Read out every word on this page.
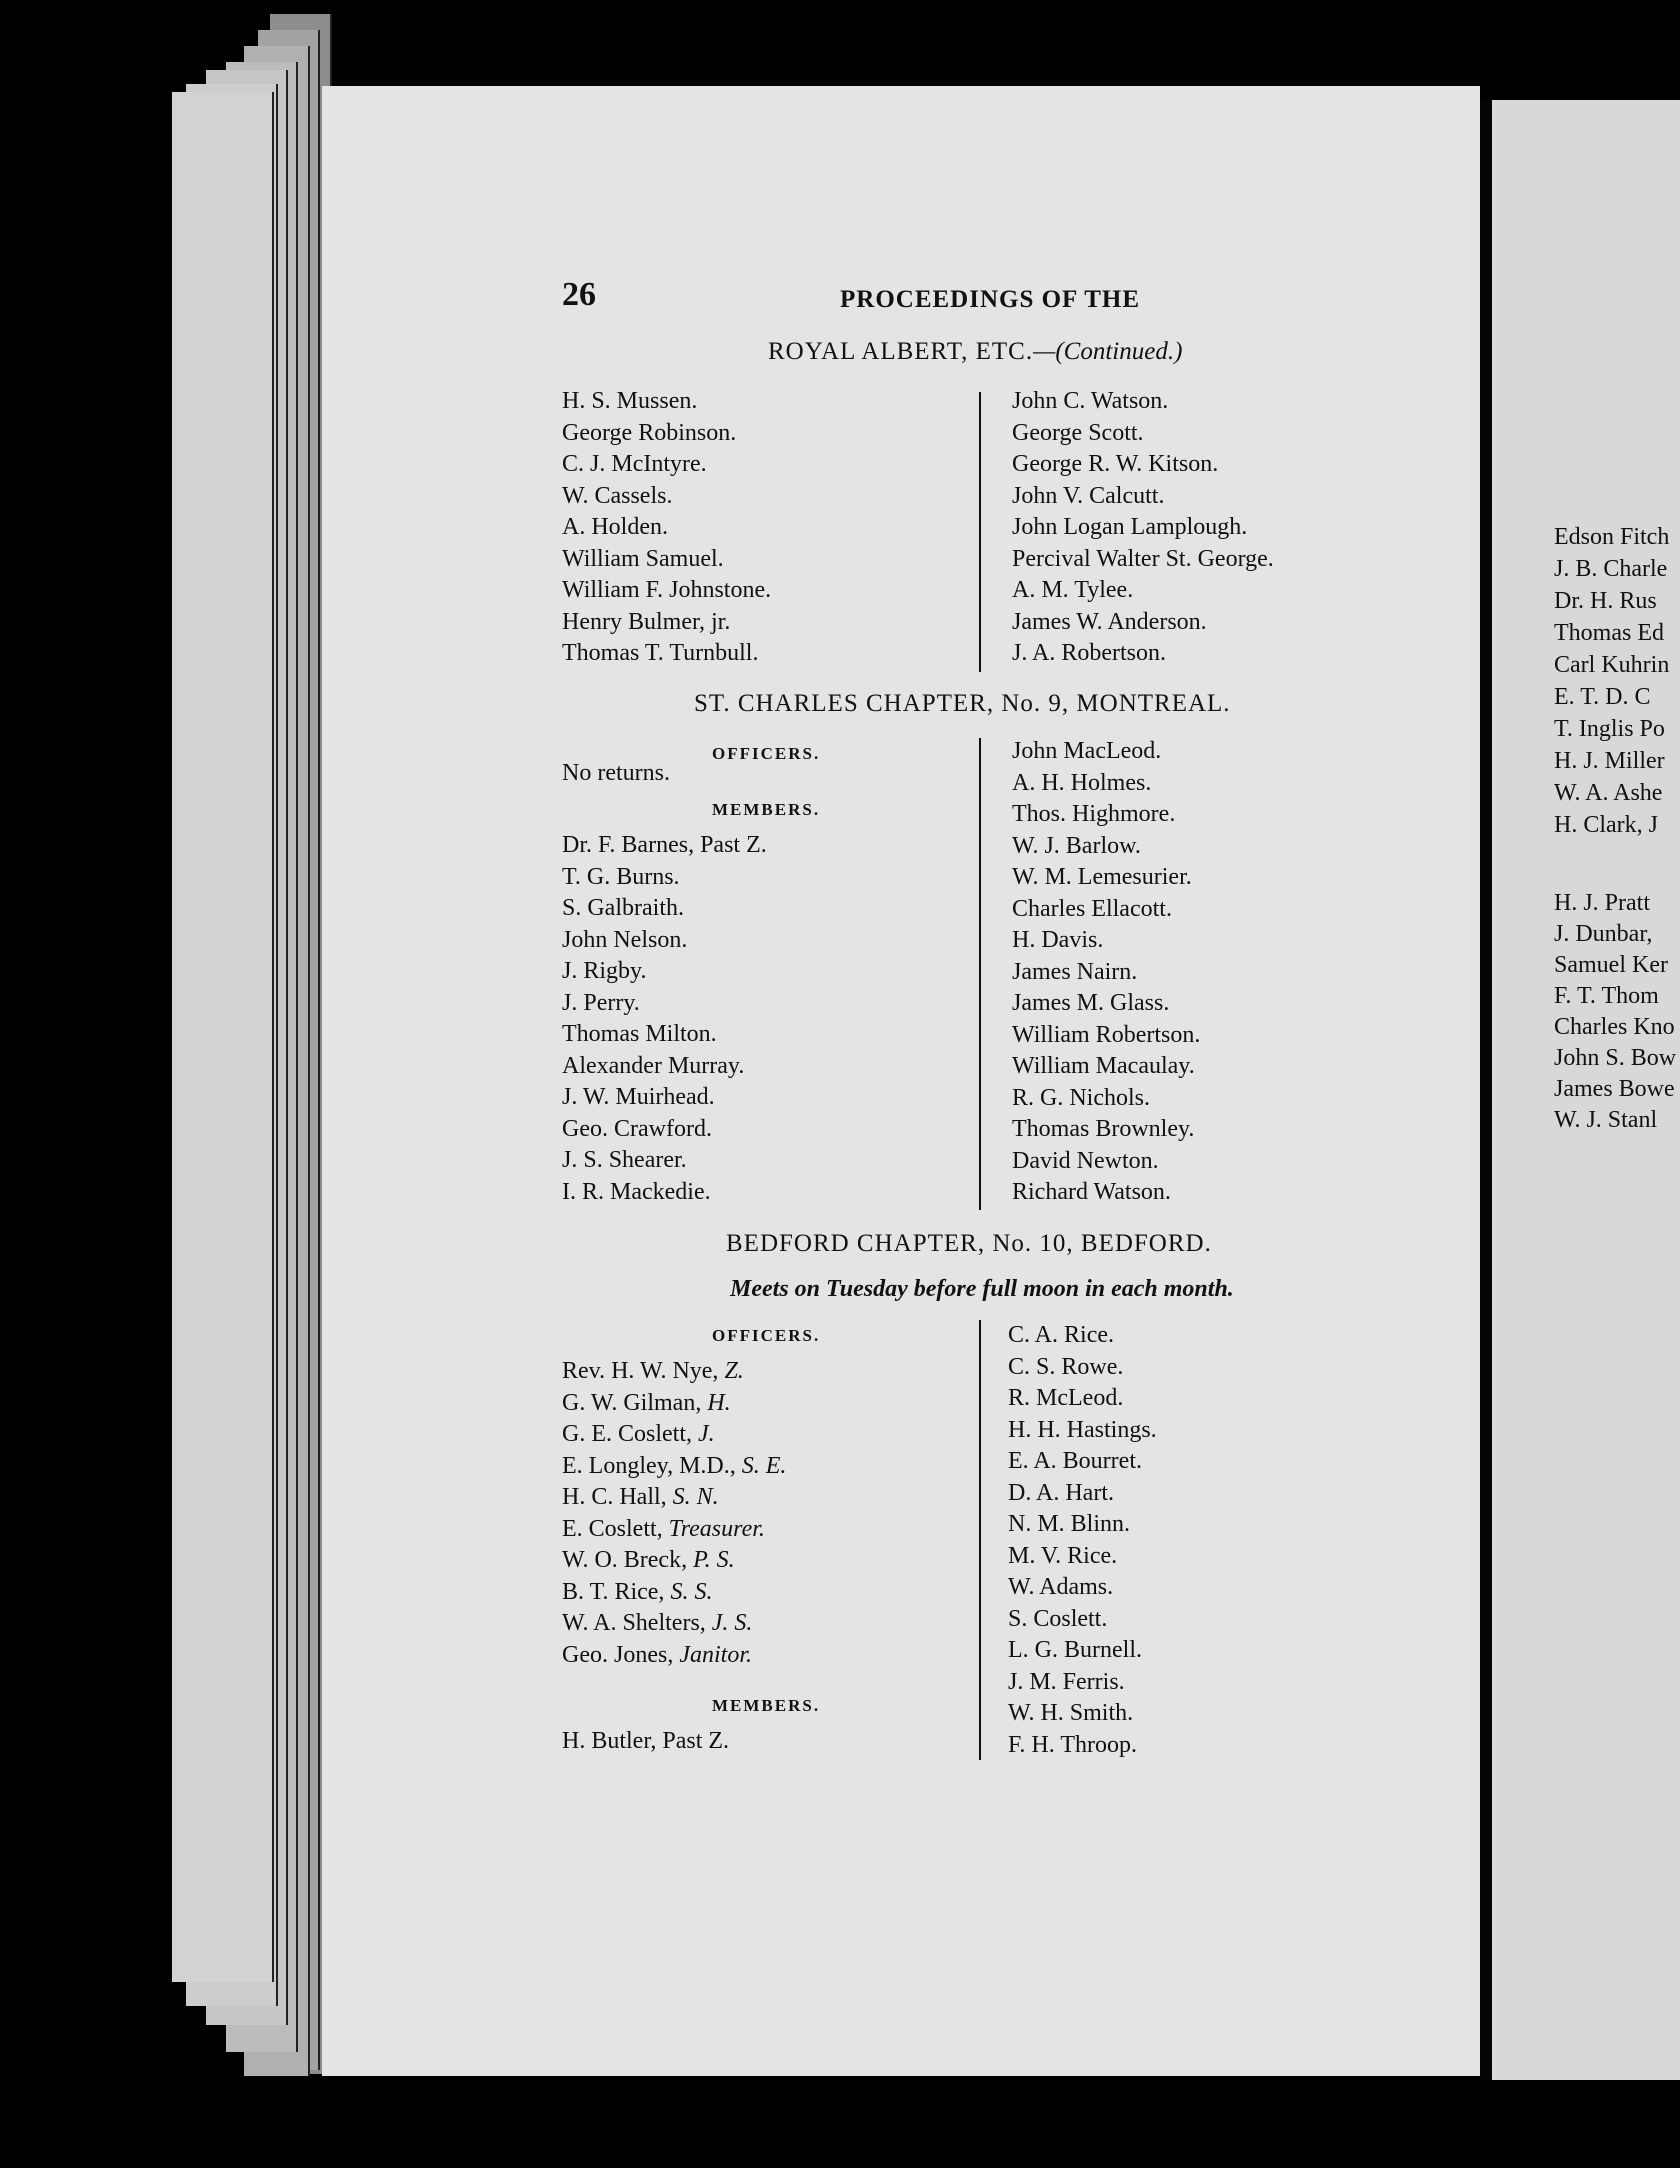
Edson Fitch
J. B. Charle
Dr. H. Rus
Thomas Ed
Carl Kuhrin
E. T. D. C
T. Inglis Po
H. J. Miller
W. A. Ashe
H. Clark, J
H. J. Pratt
J. Dunbar,
Samuel Ker
F. T. Thom
Charles Kno
John S. Bow
James Bowe
W. J. Stanl
26	PROCEEDINGS OF THE
ROYAL ALBERT, ETC.—(Continued.)
H. S. Mussen.
George Robinson.
C. J. McIntyre.
W. Cassels.
A. Holden.
William Samuel.
William F. Johnstone.
Henry Bulmer, jr.
Thomas T. Turnbull.
John C. Watson.
George Scott.
George R. W. Kitson.
John V. Calcutt.
John Logan Lamplough.
Percival Walter St. George.
A. M. Tylee.
James W. Anderson.
J. A. Robertson.
ST. CHARLES CHAPTER, No. 9, MONTREAL.
OFFICERS.
No returns.
MEMBERS.
Dr. F. Barnes, Past Z.
T. G. Burns.
S. Galbraith.
John Nelson.
J. Rigby.
J. Perry.
Thomas Milton.
Alexander Murray.
J. W. Muirhead.
Geo. Crawford.
J. S. Shearer.
I. R. Mackedie.
John MacLeod.
A. H. Holmes.
Thos. Highmore.
W. J. Barlow.
W. M. Lemesurier.
Charles Ellacott.
H. Davis.
James Nairn.
James M. Glass.
William Robertson.
William Macaulay.
R. G. Nichols.
Thomas Brownley.
David Newton.
Richard Watson.
BEDFORD CHAPTER, No. 10, BEDFORD.
Meets on Tuesday before full moon in each month.
OFFICERS.
Rev. H. W. Nye, Z.
G. W. Gilman, H.
G. E. Coslett, J.
E. Longley, M.D., S. E.
H. C. Hall, S. N.
E. Coslett, Treasurer.
W. O. Breck, P. S.
B. T. Rice, S. S.
W. A. Shelters, J. S.
Geo. Jones, Janitor.
MEMBERS.
H. Butler, Past Z.
C. A. Rice.
C. S. Rowe.
R. McLeod.
H. H. Hastings.
E. A. Bourret.
D. A. Hart.
N. M. Blinn.
M. V. Rice.
W. Adams.
S. Coslett.
L. G. Burnell.
J. M. Ferris.
W. H. Smith.
F. H. Throop.
